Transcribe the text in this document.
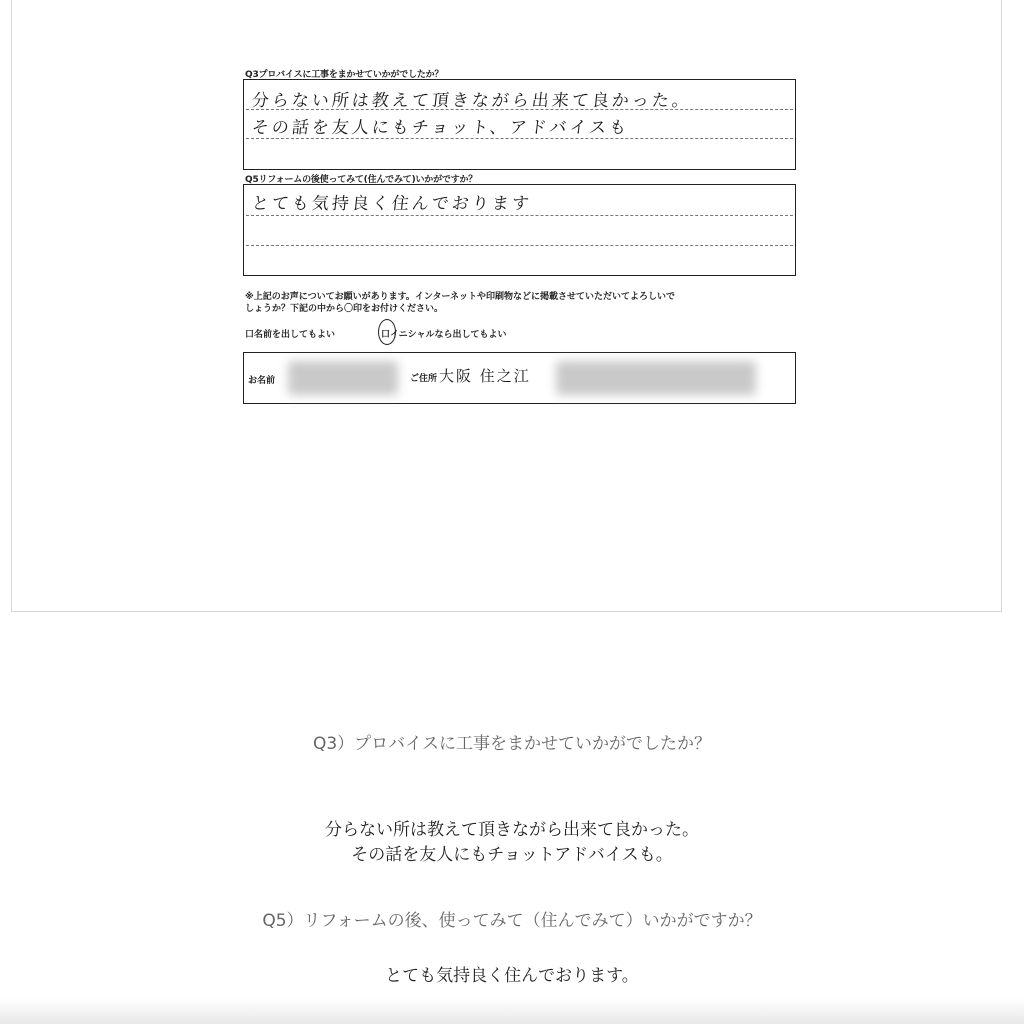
Q3プロバイスに工事をまかせていかがでしたか？
分らない所は教えて頂きながら出来て良かった。
その話を友人にもチョット、アドバイスも
Q5リフォームの後使ってみて(住んでみて)いかがですか？
とても気持良く住んでおります
※上記のお声についてお願いがあります。インターネットや印刷物などに掲載させていただいてよろしいで
しょうか？下記の中から〇印をお付けください。
口名前を出してもよい	口イニシャルなら出してもよい
お名前	ご住所 大阪 住之江
Q3）プロバイスに工事をまかせていかがでしたか？
分らない所は教えて頂きながら出来て良かった。
その話を友人にもチョットアドバイスも。
Q5）リフォームの後、使ってみて（住んでみて）いかがですか？
とても気持良く住んでおります。
